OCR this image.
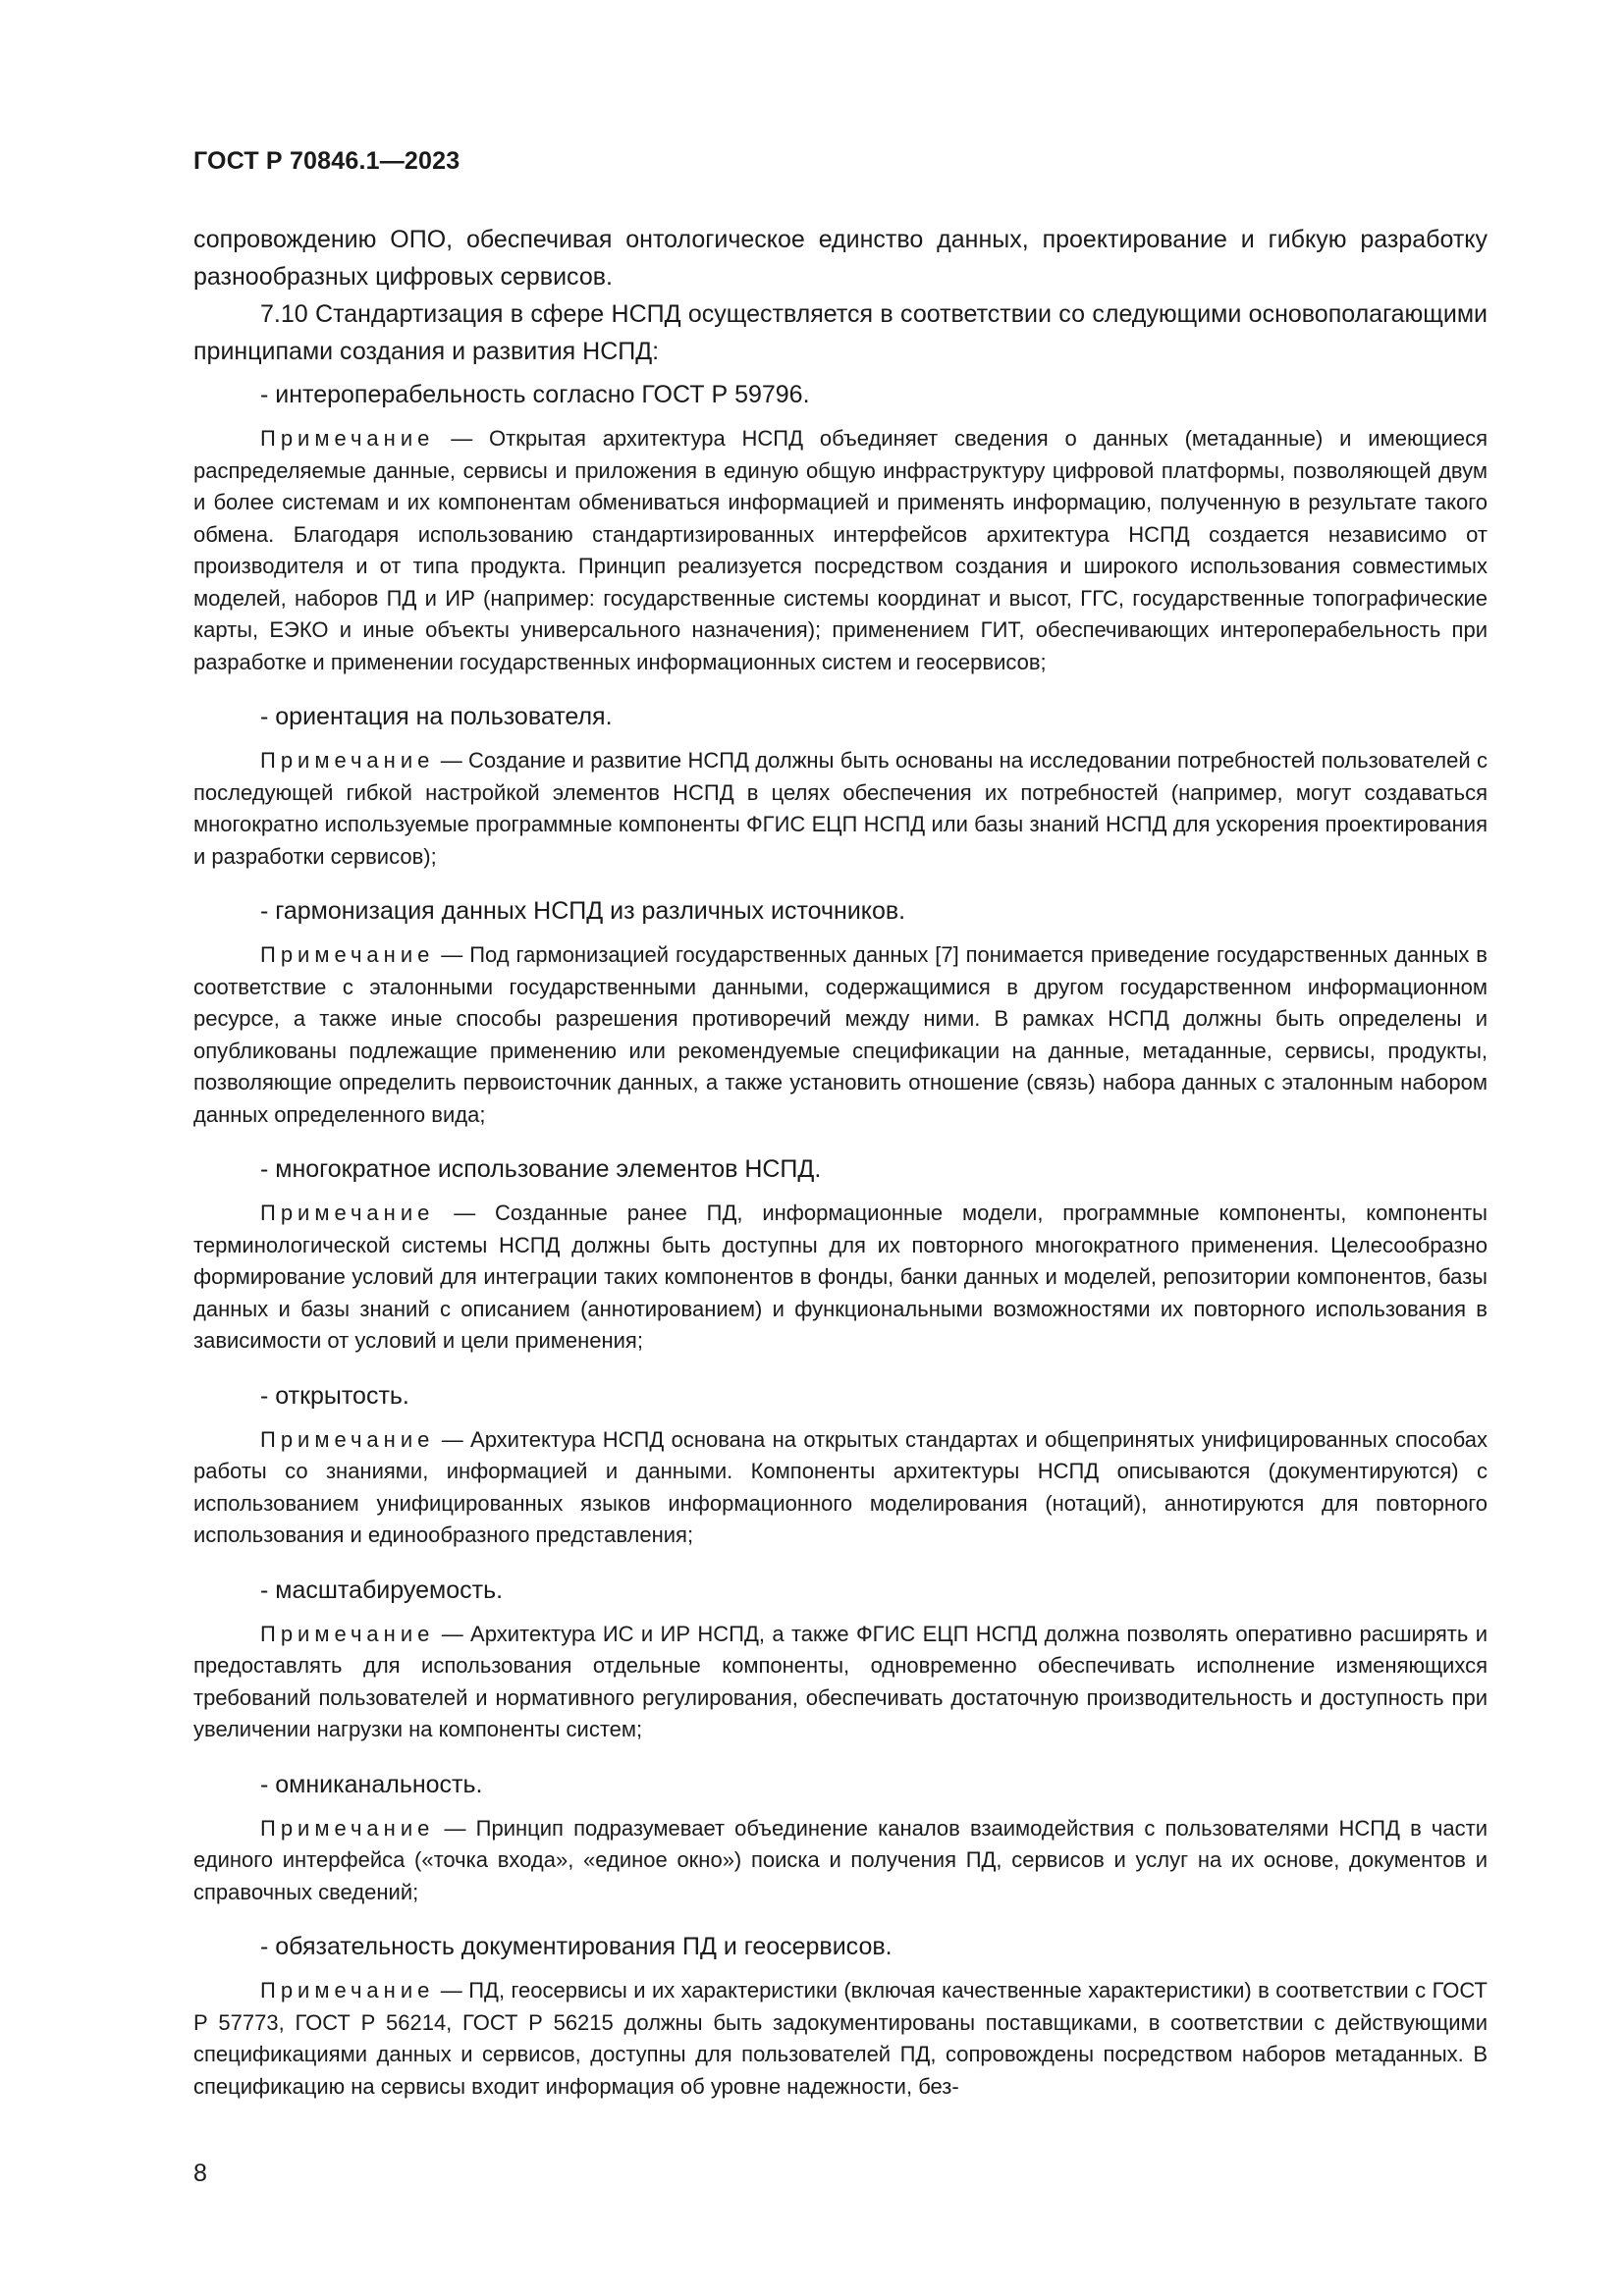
ГОСТ Р 70846.1—2023

сопровождению ОПО, обеспечивая онтологическое единство данных, проектирование и гибкую разработку разнообразных цифровых сервисов.

7.10 Стандартизация в сфере НСПД осуществляется в соответствии со следующими основополагающими принципами создания и развития НСПД:

- интероперабельность согласно ГОСТ Р 59796.

Примечание — Открытая архитектура НСПД объединяет сведения о данных (метаданные) и имеющиеся распределяемые данные, сервисы и приложения в единую общую инфраструктуру цифровой платформы, позволяющей двум и более системам и их компонентам обмениваться информацией и применять информацию, полученную в результате такого обмена. Благодаря использованию стандартизированных интерфейсов архитектура НСПД создается независимо от производителя и от типа продукта. Принцип реализуется посредством создания и широкого использования совместимых моделей, наборов ПД и ИР (например: государственные системы координат и высот, ГГС, государственные топографические карты, ЕЭКО и иные объекты универсального назначения); применением ГИТ, обеспечивающих интероперабельность при разработке и применении государственных информационных систем и геосервисов;

- ориентация на пользователя.

Примечание — Создание и развитие НСПД должны быть основаны на исследовании потребностей пользователей с последующей гибкой настройкой элементов НСПД в целях обеспечения их потребностей (например, могут создаваться многократно используемые программные компоненты ФГИС ЕЦП НСПД или базы знаний НСПД для ускорения проектирования и разработки сервисов);

- гармонизация данных НСПД из различных источников.

Примечание — Под гармонизацией государственных данных [7] понимается приведение государственных данных в соответствие с эталонными государственными данными, содержащимися в другом государственном информационном ресурсе, а также иные способы разрешения противоречий между ними. В рамках НСПД должны быть определены и опубликованы подлежащие применению или рекомендуемые спецификации на данные, метаданные, сервисы, продукты, позволяющие определить первоисточник данных, а также установить отношение (связь) набора данных с эталонным набором данных определенного вида;

- многократное использование элементов НСПД.

Примечание — Созданные ранее ПД, информационные модели, программные компоненты, компоненты терминологической системы НСПД должны быть доступны для их повторного многократного применения. Целесообразно формирование условий для интеграции таких компонентов в фонды, банки данных и моделей, репозитории компонентов, базы данных и базы знаний с описанием (аннотированием) и функциональными возможностями их повторного использования в зависимости от условий и цели применения;

- открытость.

Примечание — Архитектура НСПД основана на открытых стандартах и общепринятых унифицированных способах работы со знаниями, информацией и данными. Компоненты архитектуры НСПД описываются (документируются) с использованием унифицированных языков информационного моделирования (нотаций), аннотируются для повторного использования и единообразного представления;

- масштабируемость.

Примечание — Архитектура ИС и ИР НСПД, а также ФГИС ЕЦП НСПД должна позволять оперативно расширять и предоставлять для использования отдельные компоненты, одновременно обеспечивать исполнение изменяющихся требований пользователей и нормативного регулирования, обеспечивать достаточную производительность и доступность при увеличении нагрузки на компоненты систем;

- омниканальность.

Примечание — Принцип подразумевает объединение каналов взаимодействия с пользователями НСПД в части единого интерфейса («точка входа», «единое окно») поиска и получения ПД, сервисов и услуг на их основе, документов и справочных сведений;

- обязательность документирования ПД и геосервисов.

Примечание — ПД, геосервисы и их характеристики (включая качественные характеристики) в соответствии с ГОСТ Р 57773, ГОСТ Р 56214, ГОСТ Р 56215 должны быть задокументированы поставщиками, в соответствии с действующими спецификациями данных и сервисов, доступны для пользователей ПД, сопровождены посредством наборов метаданных. В спецификацию на сервисы входит информация об уровне надежности, без-

8
